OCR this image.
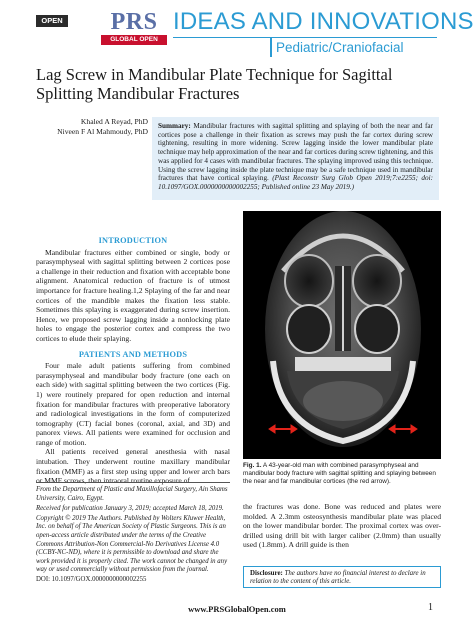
OPEN	PRS
GLOBAL OPEN
IDEAS AND INNOVATIONS
Pediatric/Craniofacial
Lag Screw in Mandibular Plate Technique for Sagittal Splitting Mandibular Fractures
Khaled A Reyad, PhD
Niveen F Al Mahmoudy, PhD
Summary: Mandibular fractures with sagittal splitting and splaying of both the near and far cortices pose a challenge in their fixation as screws may push the far cortex during screw tightening, resulting in more widening. Screw lagging inside the lower mandibular plate technique may help approximation of the near and far cortices during screw tightening, and this was applied for 4 cases with mandibular fractures. The splaying improved using this technique. Using the screw lagging inside the plate technique may be a safe technique used in mandibular fractures that have cortical splaying. (Plast Reconstr Surg Glob Open 2019;7:e2255; doi: 10.1097/GOX.0000000000002255; Published online 23 May 2019.)
INTRODUCTION

Mandibular fractures either combined or single, body or parasymphyseal with sagittal splitting between 2 cortices pose a challenge in their reduction and fixation with acceptable bone alignment. Anatomical reduction of fracture is of utmost importance for fracture healing.1,2 Splaying of the far and near cortices of the mandible makes the fixation less stable. Sometimes this splaying is exaggerated during screw insertion. Hence, we proposed screw lagging inside a nonlocking plate holes to engage the posterior cortex and compress the two cortices to elude their splaying.

PATIENTS AND METHODS

Four male adult patients suffering from combined parasymphyseal and mandibular body fracture (one each on each side) with sagittal splitting between the two cortices (Fig. 1) were routinely prepared for open reduction and internal fixation for mandibular fractures with preoperative laboratory and radiological investigations in the form of computerized tomography (CT) facial bones (coronal, axial, and 3D) and panorex views. All patients were examined for occlusion and range of motion.

All patients received general anesthesia with nasal intubation. They underwent routine maxillary mandibular fixation (MMF) as a first step using upper and lower arch bars or MMF screws, then intraoral routine exposure of

From the Department of Plastic and Maxillofacial Surgery, Ain Shams University, Cairo, Egypt.

Received for publication January 3, 2019; accepted March 18, 2019.

Copyright © 2019 The Authors. Published by Wolters Kluwer Health, Inc. on behalf of The American Society of Plastic Surgeons. This is an open-access article distributed under the terms of the Creative Commons Attribution-Non Commercial-No Derivatives License 4.0 (CCBY-NC-ND), where it is permissible to download and share the work provided it is properly cited. The work cannot be changed in any way or used commercially without permission from the journal.

DOI: 10.1097/GOX.0000000000002255

Fig. 1. A 43-year-old man with combined parasymphyseal and mandibular body fracture with sagittal splitting and splaying between the near and far mandibular cortices (the red arrow).

the fractures was done. Bone was reduced and plates were molded. A 2.3mm osteosynthesis mandibular plate was placed on the lower mandibular border. The proximal cortex was over-drilled using drill bit with larger caliber (2.0mm) than usually used (1.8mm). A drill guide is then

Disclosure: The authors have no financial interest to declare in relation to the content of this article.
www.PRSGlobalOpen.com	1
